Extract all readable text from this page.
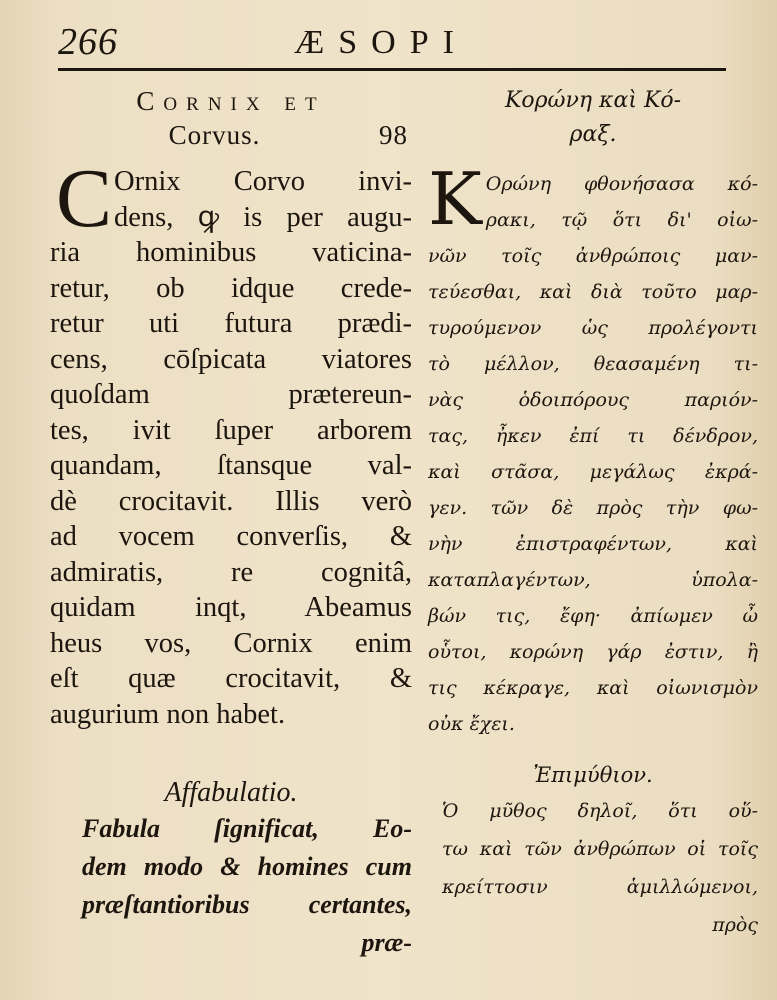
266	ÆSOPI
Cornix et
Corvus.	98
C Ornix Corvo invi-
dens, ꝙ is per augu-
ria hominibus vaticina-
retur, ob idque crede-
retur uti futura prædi-
cens, cōſpicata viatores
quoſdam prætereun-
tes, ivit ſuper arborem
quandam, ſtansque val-
dè crocitavit. Illis verò
ad vocem converſis, &
admiratis, re cognitâ,
quidam inqt, Abeamus
heus vos, Cornix enim
eſt quæ crocitavit, &
augurium non habet.
Affabulatio.
Fabula ſignificat, Eo-
dem modo & homines cum
præſtantioribus certantes,
præ-
Κορώνη καὶ Κό-
ραξ.
Κ Ορώνη φθονήσασα κό-
ρακι, τῷ ὅτι δι' οἰω-
νῶν τοῖς ἀνθρώποις μαν-
τεύεσθαι, καὶ διὰ τοῦτο μαρ-
τυρούμενον ὡς προλέγοντι
τὸ μέλλον, θεασαμένη τι-
νὰς ὁδοιπόρους παριόν-
τας, ἦκεν ἐπί τι δένδρον,
καὶ στᾶσα, μεγάλως ἐκρά-
γεν. τῶν δὲ πρὸς τὴν φω-
νὴν ἐπιστραφέντων, καὶ
καταπλαγέντων, ὑπολα-
βών τις, ἔφη· ἀπίωμεν ὦ
οὗτοι, κορώνη γάρ ἐστιν, ἢ
τις κέκραγε, καὶ οἰωνισμὸν
οὐκ ἔχει.
Ἐπιμύθιον.
Ὁ μῦθος δηλοῖ, ὅτι οὕ-
τω καὶ τῶν ἀνθρώπων οἱ τοῖς
κρείττοσιν ἁμιλλώμενοι,
πρὸς
